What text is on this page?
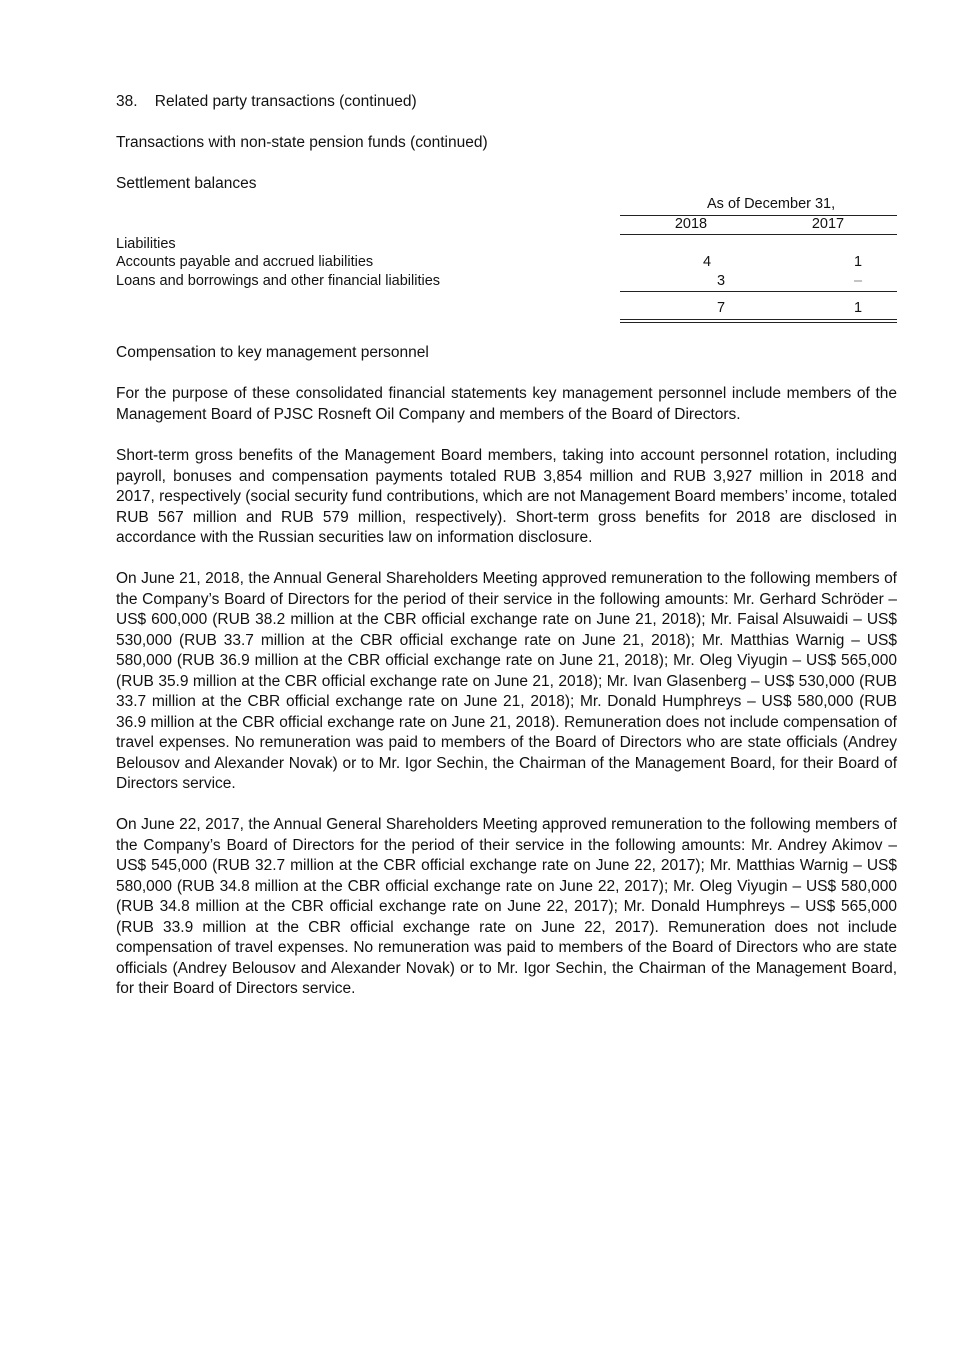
38.    Related party transactions (continued)
Transactions with non-state pension funds (continued)
Settlement balances
As of December 31,
2018	2017
Liabilities
Accounts payable and accrued liabilities	4	1
Loans and borrowings and other financial liabilities	3	–
7	1
Compensation to key management personnel
For the purpose of these consolidated financial statements key management personnel include members of the Management Board of PJSC Rosneft Oil Company and members of the Board of Directors.
Short-term gross benefits of the Management Board members, taking into account personnel rotation, including payroll, bonuses and compensation payments totaled RUB 3,854 million and RUB 3,927 million in 2018 and 2017, respectively (social security fund contributions, which are not Management Board members’ income, totaled RUB 567 million and RUB 579 million, respectively). Short-term gross benefits for 2018 are disclosed in accordance with the Russian securities law on information disclosure.
On June 21, 2018, the Annual General Shareholders Meeting approved remuneration to the following members of the Company’s Board of Directors for the period of their service in the following amounts: Mr. Gerhard Schröder – US$ 600,000 (RUB 38.2 million at the CBR official exchange rate on June 21, 2018); Mr. Faisal Alsuwaidi – US$ 530,000 (RUB 33.7 million at the CBR official exchange rate on June 21, 2018); Mr. Matthias Warnig – US$ 580,000 (RUB 36.9 million at the CBR official exchange rate on June 21, 2018); Mr. Oleg Viyugin – US$ 565,000 (RUB 35.9 million at the CBR official exchange rate on June 21, 2018); Mr. Ivan Glasenberg – US$ 530,000 (RUB 33.7 million at the CBR official exchange rate on June 21, 2018); Mr. Donald Humphreys – US$ 580,000 (RUB 36.9 million at the CBR official exchange rate on June 21, 2018). Remuneration does not include compensation of travel expenses. No remuneration was paid to members of the Board of Directors who are state officials (Andrey Belousov and Alexander Novak) or to Mr. Igor Sechin, the Chairman of the Management Board, for their Board of Directors service.
On June 22, 2017, the Annual General Shareholders Meeting approved remuneration to the following members of the Company’s Board of Directors for the period of their service in the following amounts: Mr. Andrey Akimov – US$ 545,000 (RUB 32.7 million at the CBR official exchange rate on June 22, 2017); Mr. Matthias Warnig – US$ 580,000 (RUB 34.8 million at the CBR official exchange rate on June 22, 2017); Mr. Oleg Viyugin – US$ 580,000 (RUB 34.8 million at the CBR official exchange rate on June 22, 2017); Mr. Donald Humphreys – US$ 565,000 (RUB 33.9 million at the CBR official exchange rate on June 22, 2017). Remuneration does not include compensation of travel expenses. No remuneration was paid to members of the Board of Directors who are state officials (Andrey Belousov and Alexander Novak) or to Mr. Igor Sechin, the Chairman of the Management Board, for their Board of Directors service.
